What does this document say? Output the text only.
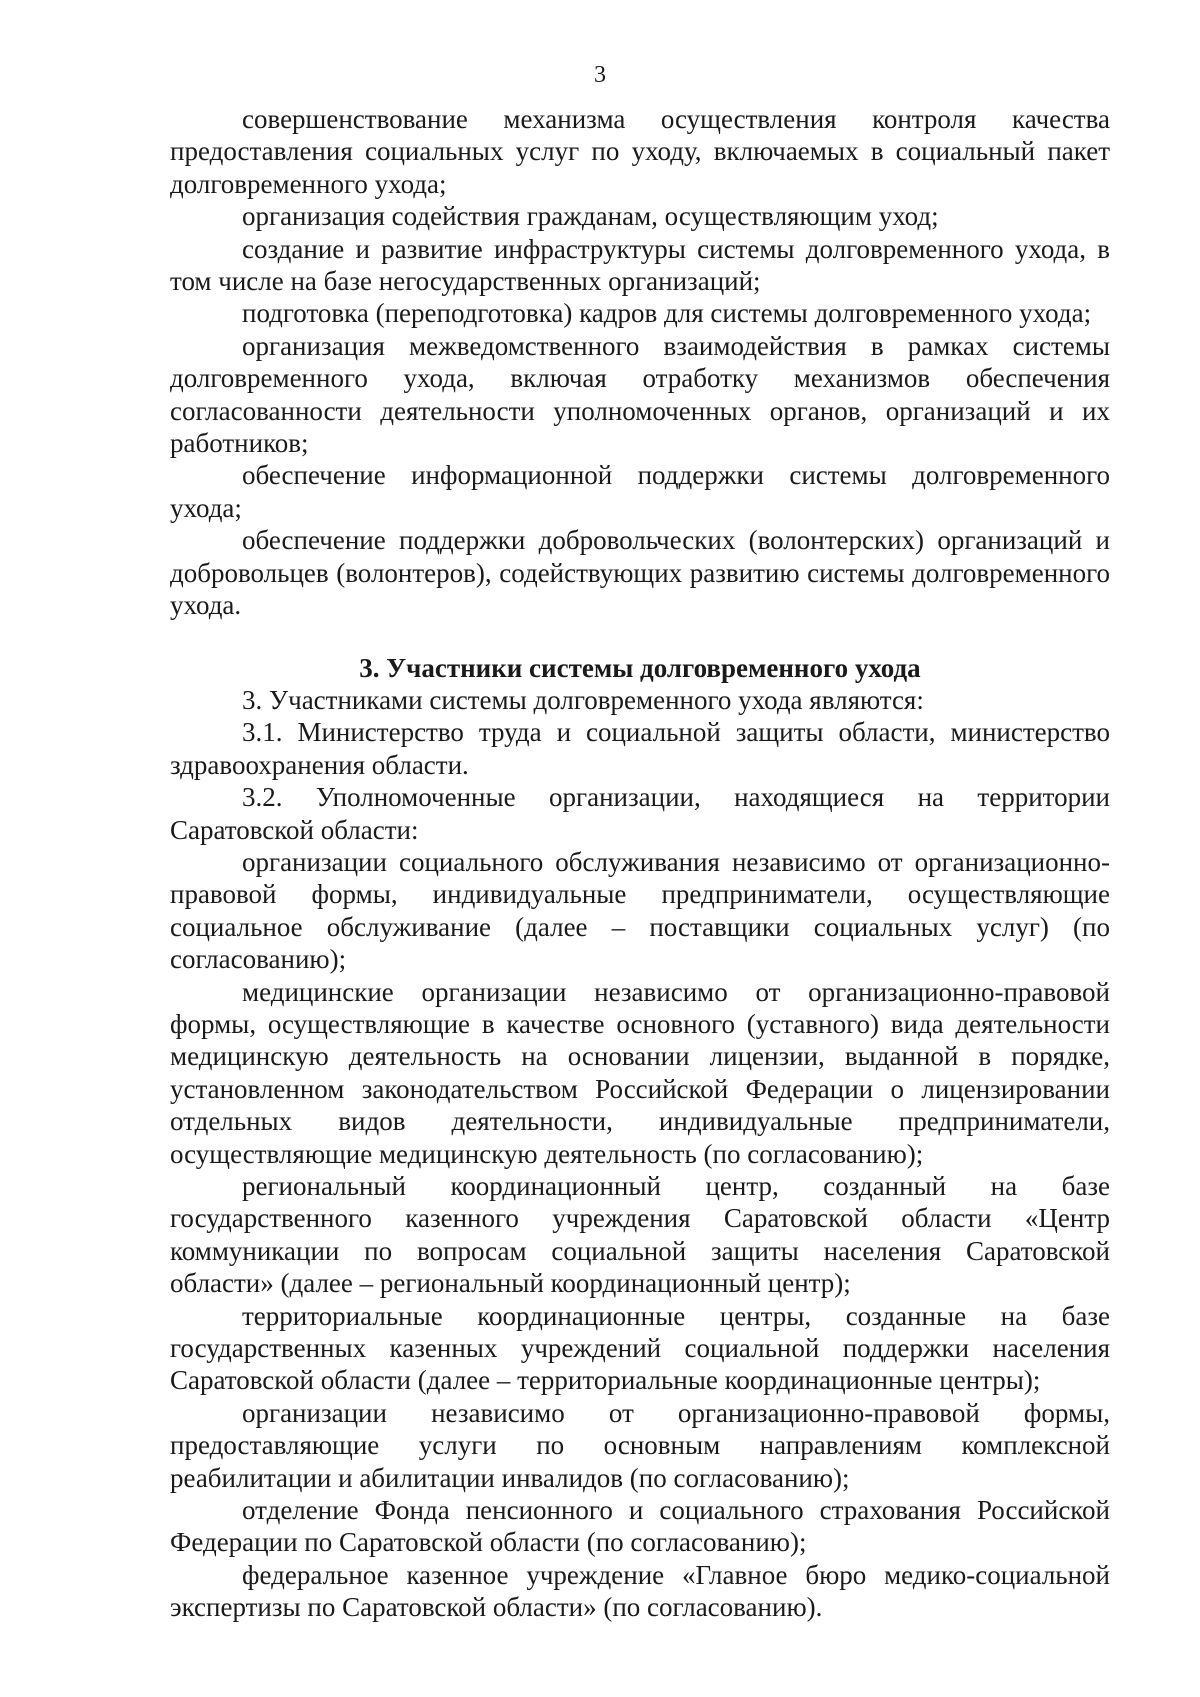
3

совершенствование механизма осуществления контроля качества предоставления социальных услуг по уходу, включаемых в социальный пакет долговременного ухода;

организация содействия гражданам, осуществляющим уход;

создание и развитие инфраструктуры системы долговременного ухода, в том числе на базе негосударственных организаций;

подготовка (переподготовка) кадров для системы долговременного ухода;

организация межведомственного взаимодействия в рамках системы долговременного ухода, включая отработку механизмов обеспечения согласованности деятельности уполномоченных органов, организаций и их работников;

обеспечение информационной поддержки системы долговременного ухода;

обеспечение поддержки добровольческих (волонтерских) организаций и добровольцев (волонтеров), содействующих развитию системы долговременного ухода.

3. Участники системы долговременного ухода

3. Участниками системы долговременного ухода являются:

3.1. Министерство труда и социальной защиты области, министерство здравоохранения области.

3.2. Уполномоченные организации, находящиеся на территории Саратовской области:

организации социального обслуживания независимо от организационно-правовой формы, индивидуальные предприниматели, осуществляющие социальное обслуживание (далее – поставщики социальных услуг) (по согласованию);

медицинские организации независимо от организационно-правовой формы, осуществляющие в качестве основного (уставного) вида деятельности медицинскую деятельность на основании лицензии, выданной в порядке, установленном законодательством Российской Федерации о лицензировании отдельных видов деятельности, индивидуальные предприниматели, осуществляющие медицинскую деятельность (по согласованию);

региональный координационный центр, созданный на базе государственного казенного учреждения Саратовской области «Центр коммуникации по вопросам социальной защиты населения Саратовской области» (далее – региональный координационный центр);

территориальные координационные центры, созданные на базе государственных казенных учреждений социальной поддержки населения Саратовской области (далее – территориальные координационные центры);

организации независимо от организационно-правовой формы, предоставляющие услуги по основным направлениям комплексной реабилитации и абилитации инвалидов (по согласованию);

отделение Фонда пенсионного и социального страхования Российской Федерации по Саратовской области (по согласованию);

федеральное казенное учреждение «Главное бюро медико-социальной экспертизы по Саратовской области» (по согласованию).
